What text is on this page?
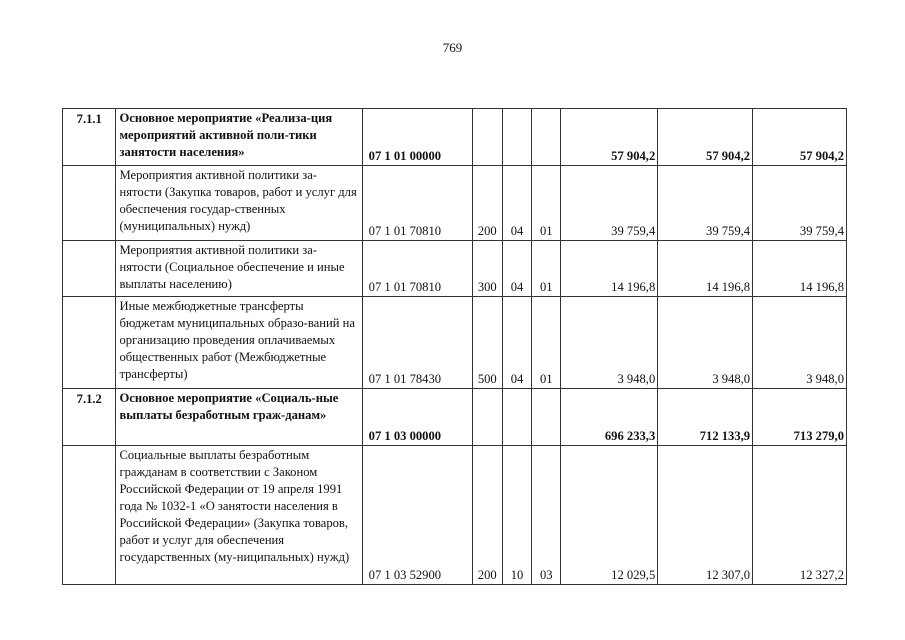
769
7.1.1	Основное мероприятие «Реализа-ция мероприятий активной поли-тики занятости населения»	07 1 01 00000				57 904,2	57 904,2	57 904,2
	Мероприятия активной политики за-нятости (Закупка товаров, работ и услуг для обеспечения государ-ственных (муниципальных) нужд)	07 1 01 70810	200	04	01	39 759,4	39 759,4	39 759,4
	Мероприятия активной политики за-нятости (Социальное обеспечение и иные выплаты населению)	07 1 01 70810	300	04	01	14 196,8	14 196,8	14 196,8
	Иные межбюджетные трансферты бюджетам муниципальных образо-ваний на организацию проведения оплачиваемых общественных работ (Межбюджетные трансферты)	07 1 01 78430	500	04	01	3 948,0	3 948,0	3 948,0
7.1.2	Основное мероприятие «Социаль-ные выплаты безработным граж-данам»	07 1 03 00000				696 233,3	712 133,9	713 279,0
	Социальные выплаты безработным гражданам в соответствии с Законом Российской Федерации от 19 апреля 1991 года № 1032-1 «О занятости населения в Российской Федерации» (Закупка товаров, работ и услуг для обеспечения государственных (му-ниципальных) нужд)	07 1 03 52900	200	10	03	12 029,5	12 307,0	12 327,2
